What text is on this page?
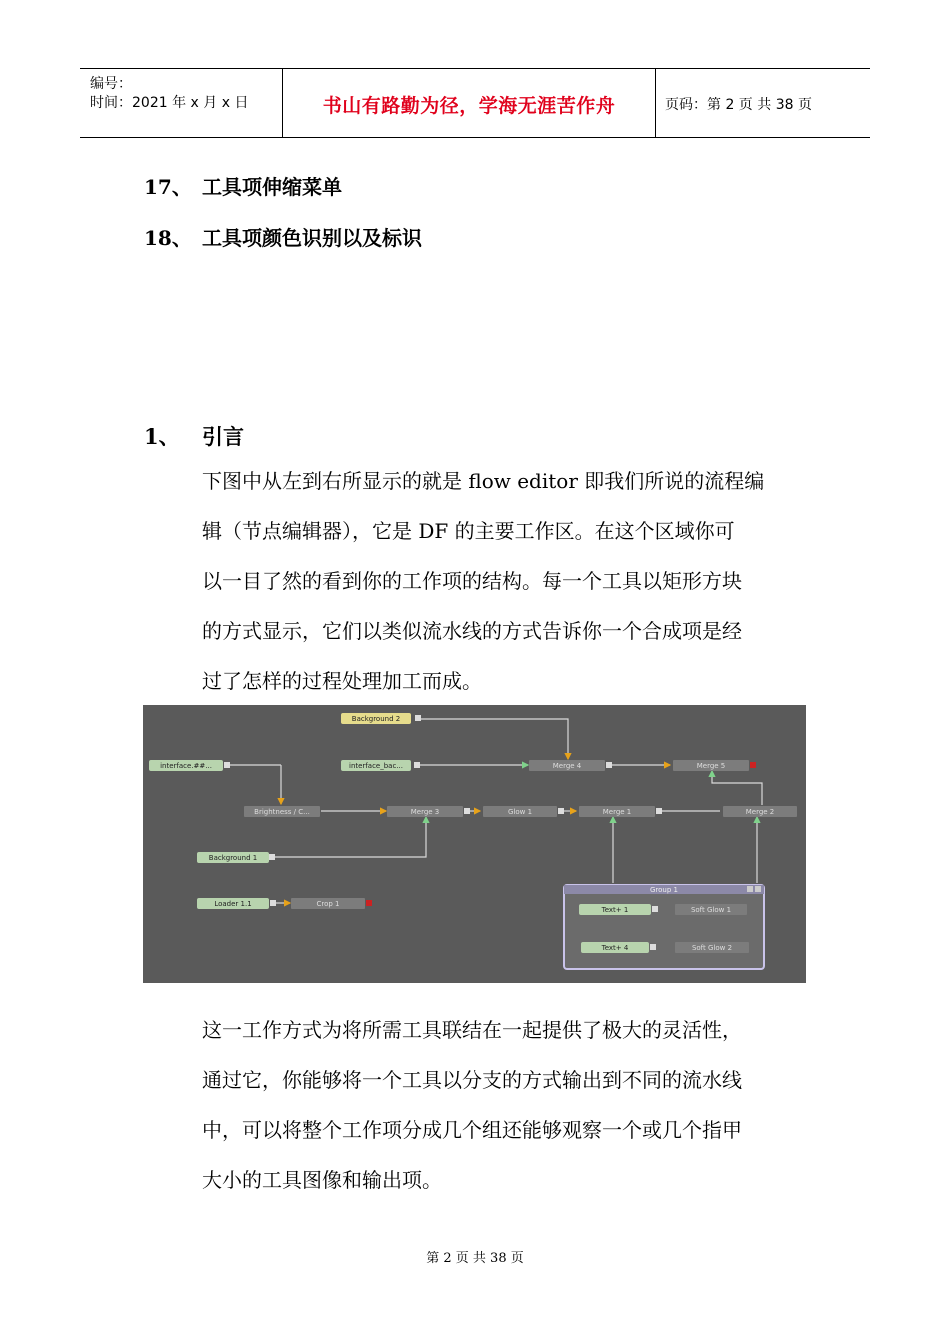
编号：
时间：2021 年 x 月 x 日	书山有路勤为径，学海无涯苦作舟	页码：第 2 页 共 38 页
17、 工具项伸缩菜单
18、 工具项颜色识别以及标识
1、 引言
下图中从左到右所显示的就是 flow editor 即我们所说的流程编
辑（节点编辑器），它是 DF 的主要工作区。在这个区域你可
以一目了然的看到你的工作项的结构。每一个工具以矩形方块
的方式显示，它们以类似流水线的方式告诉你一个合成项是经
过了怎样的过程处理加工而成。
Group 1
Background 2
interface.##...	interface_bac...
Background 1
Loader 1.1
Text+ 1
Text+ 4
Merge 4	Merge 5
Brightness / C...	Merge 3	Glow 1	Merge 1	Merge 2
Crop 1
Soft Glow 1
Soft Glow 2
这一工作方式为将所需工具联结在一起提供了极大的灵活性，
通过它，你能够将一个工具以分支的方式输出到不同的流水线
中，可以将整个工作项分成几个组还能够观察一个或几个指甲
大小的工具图像和输出项。
第 2 页 共 38 页
